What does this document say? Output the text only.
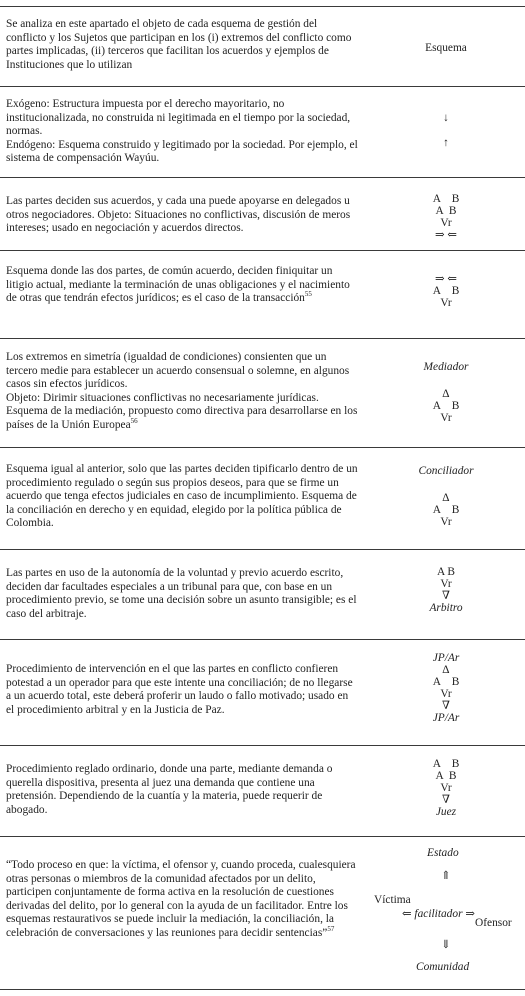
Se analiza en este apartado el objeto de cada esquema de gestión del conflicto y los Sujetos que participan en los (i) extremos del conflicto como partes implicadas, (ii) terceros que facilitan los acuerdos y ejemplos de Instituciones que lo utilizan

Esquema

Exógeno: Estructura impuesta por el derecho mayoritario, no institucionalizada, no construida ni legitimada en el tiempo por la sociedad, normas.

Endógeno: Esquema construido y legitimado por la sociedad. Por ejemplo, el sistema de compensación Wayúu.

↓
↑

Las partes deciden sus acuerdos, y cada una puede apoyarse en delegados u otros negociadores. Objeto: Situaciones no conflictivas, discusión de meros intereses; usado en negociación y acuerdos directos.

A    B
A  B
Vr
⇒ ⇐

Esquema donde las dos partes, de común acuerdo, deciden finiquitar un litigio actual, mediante la terminación de unas obligaciones y el nacimiento de otras que tendrán efectos jurídicos; es el caso de la transacción$^{55}$

⇒ ⇐
A    B
Vr

Los extremos en simetría (igualdad de condiciones) consienten que un tercero medie para establecer un acuerdo consensual o solemne, en algunos casos sin efectos jurídicos.

Objeto: Dirimir situaciones conflictivas no necesariamente jurídicas. Esquema de la mediación, propuesto como directiva para desarrollarse en los países de la Unión Europea$^{56}$

Mediador
∆
A    B
Vr

Esquema igual al anterior, solo que las partes deciden tipificarlo dentro de un procedimiento regulado o según sus propios deseos, para que se firme un acuerdo que tenga efectos judiciales en caso de incumplimiento. Esquema de la conciliación en derecho y en equidad, elegido por la política pública de Colombia.

Conciliador
∆
A    B
Vr

Las partes en uso de la autonomía de la voluntad y previo acuerdo escrito, deciden dar facultades especiales a un tribunal para que, con base en un procedimiento previo, se tome una decisión sobre un asunto transigible; es el caso del arbitraje.

A B
Vr
∇
Arbitro

Procedimiento de intervención en el que las partes en conflicto confieren potestad a un operador para que este intente una conciliación; de no llegarse a un acuerdo total, este deberá proferir un laudo o fallo motivado; usado en el procedimiento arbitral y en la Justicia de Paz.

JP/Ar
∆
A    B
Vr
∇
JP/Ar

Procedimiento reglado ordinario, donde una parte, mediante demanda o querella dispositiva, presenta al juez una demanda que contiene una pretensión. Dependiendo de la cuantía y la materia, puede requerir de abogado.

A    B
A  B
Vr
∇
Juez

“Todo proceso en que: la víctima, el ofensor y, cuando proceda, cualesquiera otras personas o miembros de la comunidad afectados por un delito, participen conjuntamente de forma activa en la resolución de cuestiones derivadas del delito, por lo general con la ayuda de un facilitador. Entre los esquemas restaurativos se puede incluir la mediación, la conciliación, la celebración de conversaciones y las reuniones para decidir sentencias”$^{57}$

Estado
⇑
Víctima
⇐ facilitador ⇒
Ofensor
⇓
Comunidad
